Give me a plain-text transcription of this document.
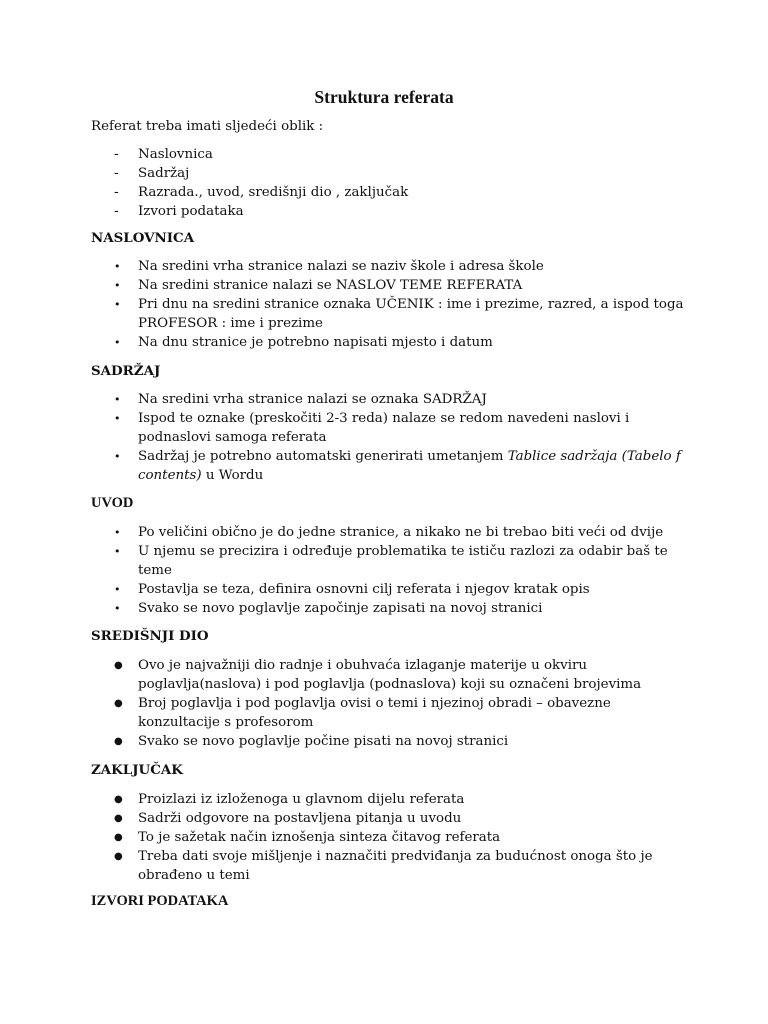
Struktura referata
Referat treba imati sljedeći oblik :
- Naslovnica
- Sadržaj
- Razrada., uvod, središnji dio , zaključak
- Izvori podataka
NASLOVNICA
• Na sredini vrha stranice nalazi se naziv škole i adresa škole
• Na sredini stranice nalazi se NASLOV TEME REFERATA
• Pri dnu na sredini stranice oznaka UČENIK : ime i prezime, razred, a ispod toga
PROFESOR : ime i prezime
• Na dnu stranice je potrebno napisati mjesto i datum
SADRŽAJ
• Na sredini vrha stranice nalazi se oznaka SADRŽAJ
• Ispod te oznake (preskočiti 2-3 reda) nalaze se redom navedeni naslovi i
podnaslovi samoga referata
• Sadržaj je potrebno automatski generirati umetanjem Tablice sadržaja (Tabelo f
contents) u Wordu
UVOD
• Po veličini obično je do jedne stranice, a nikako ne bi trebao biti veći od dvije
• U njemu se precizira i određuje problematika te ističu razlozi za odabir baš te
teme
• Postavlja se teza, definira osnovni cilj referata i njegov kratak opis
• Svako se novo poglavlje započinje zapisati na novoj stranici
SREDIŠNJI DIO
● Ovo je najvažniji dio radnje i obuhvaća izlaganje materije u okviru
poglavlja(naslova) i pod poglavlja (podnaslova) koji su označeni brojevima
● Broj poglavlja i pod poglavlja ovisi o temi i njezinoj obradi – obavezne
konzultacije s profesorom
● Svako se novo poglavlje počine pisati na novoj stranici
ZAKLJUČAK
● Proizlazi iz izloženoga u glavnom dijelu referata
● Sadrži odgovore na postavljena pitanja u uvodu
● To je sažetak način iznošenja sinteza čitavog referata
● Treba dati svoje mišljenje i naznačiti predviđanja za budućnost onoga što je
obrađeno u temi
IZVORI PODATAKA
